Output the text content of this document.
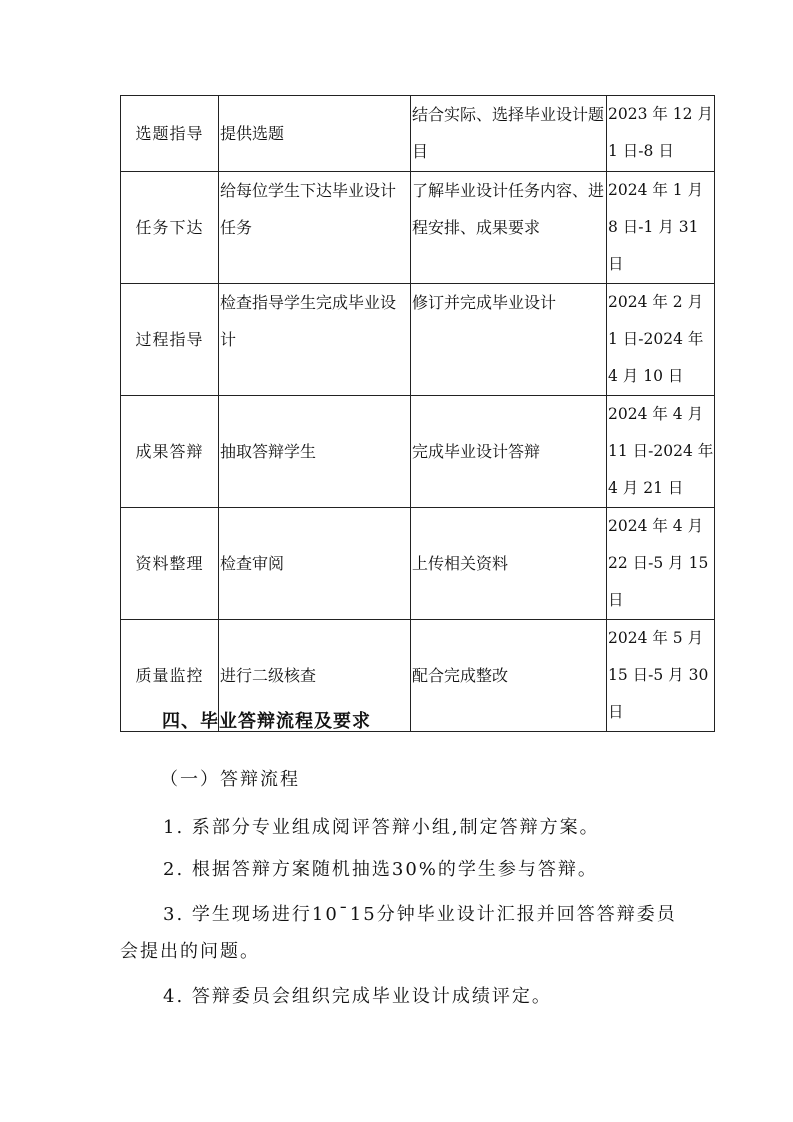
选题指导	提供选题	结合实际、选择毕业设计题目	2023 年 12 月 1 日-8 日
任务下达	给每位学生下达毕业设计任务	了解毕业设计任务内容、进程安排、成果要求	2024 年 1 月 8 日-1 月 31 日
过程指导	检查指导学生完成毕业设计	修订并完成毕业设计	2024 年 2 月 1 日-2024 年 4 月 10 日
成果答辩	抽取答辩学生	完成毕业设计答辩	2024 年 4 月 11 日-2024 年 4 月 21 日
资料整理	检查审阅	上传相关资料	2024 年 4 月 22 日-5 月 15 日
质量监控	进行二级核查	配合完成整改	2024 年 5 月 15 日-5 月 30 日
四、毕业答辩流程及要求
（一）答辩流程
1. 系部分专业组成阅评答辩小组,制定答辩方案。
2. 根据答辩方案随机抽选30%的学生参与答辩。
3. 学生现场进行10¯15分钟毕业设计汇报并回答答辩委员会提出的问题。
4. 答辩委员会组织完成毕业设计成绩评定。
